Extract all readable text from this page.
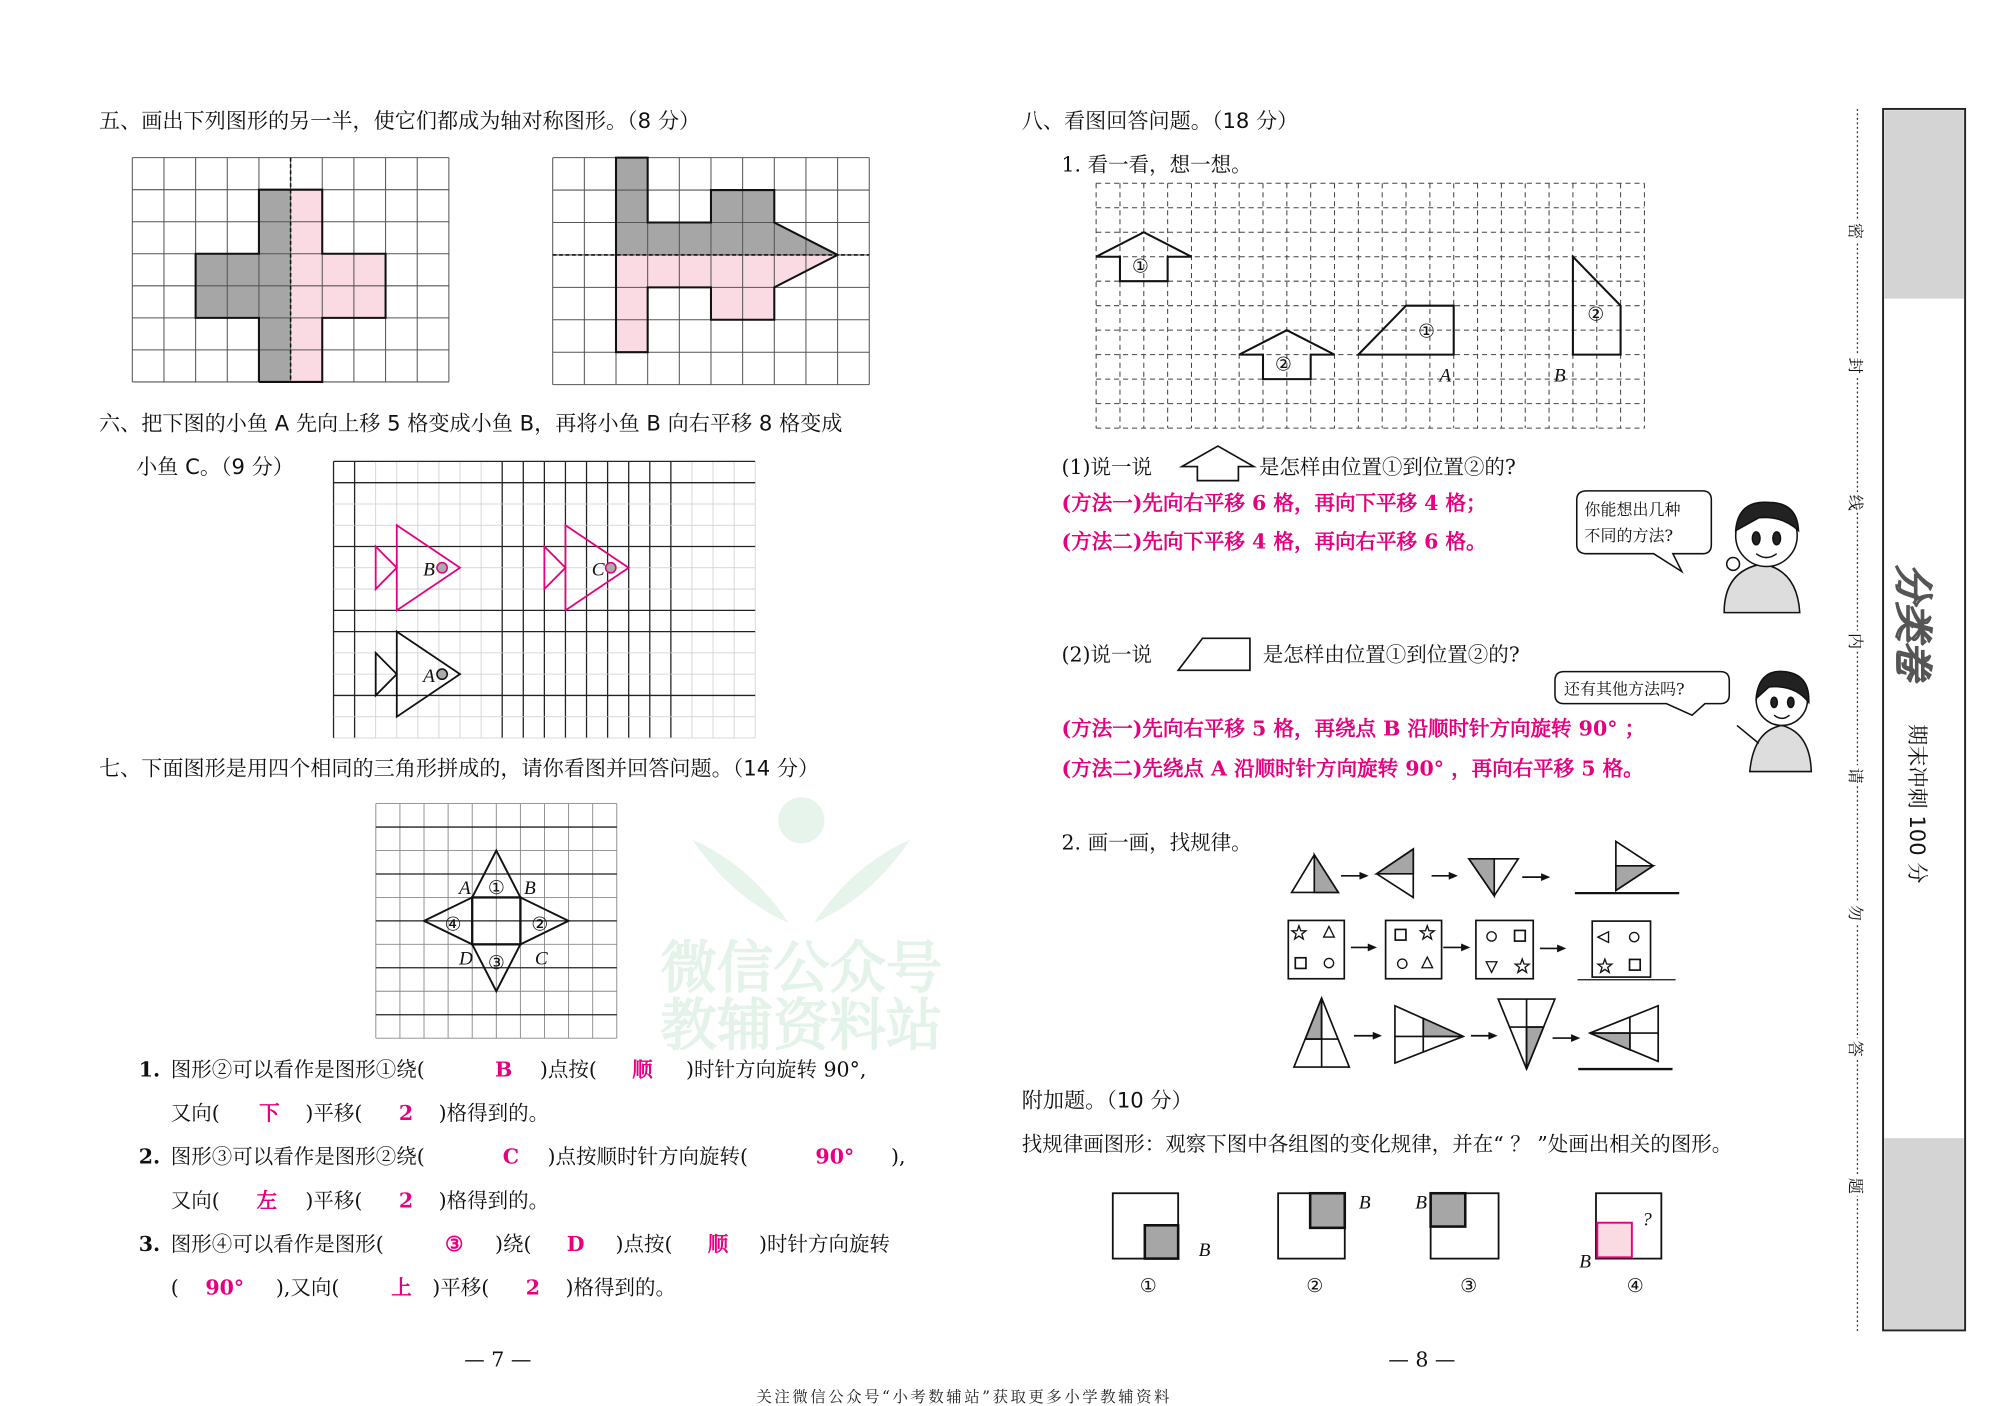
微信公众号
教辅资料站
五、画出下列图形的另一半，使它们都成为轴对称图形。（8 分）
六、把下图的小鱼 A 先向上移 5 格变成小鱼 B，再将小鱼 B 向右平移 8 格变成
小鱼 C。（9 分）
A
B	C
七、下面图形是用四个相同的三角形拼成的，请你看图并回答问题。（14 分）
A	B
D	C
①
②
③
④
1. 图形②可以看作是图形①绕(	B )点按( 顺 )时针方向旋转 90°,
又向( 下 )平移( 2 )格得到的。
2. 图形③可以看作是图形②绕(	C )点按顺时针方向旋转(	90° ),
又向( 左 )平移( 2 )格得到的。
3. 图形④可以看作是图形(	③ )绕( D )点按( 顺 )时针方向旋转
( 90° ),又向(	上 )平移( 2 )格得到的。
— 7 —
八、看图回答问题。（18 分）
1. 看一看，想一想。
①
②
①
②
A	B
(1)说一说	是怎样由位置①到位置②的?
(方法一)先向右平移 6 格，再向下平移 4 格；
(方法二)先向下平移 4 格，再向右平移 6 格。
你能想出几种
不同的方法?
(2)说一说	是怎样由位置①到位置②的?
还有其他方法吗?
(方法一)先向右平移 5 格，再绕点 B 沿顺时针方向旋转 90° ；
(方法二)先绕点 A 沿顺时针方向旋转 90° ，再向右平移 5 格。
2. 画一画，找规律。
附加题。（10 分）
找规律画图形：观察下图中各组图的变化规律，并在“ ？ ”处画出相关的图形。
B
B	B
B
?
①	②	③	④
— 8 —
关注微信公众号“小考数辅站”获取更多小学教辅资料
密
封
线
内
请
勿
答
题
分类卷
期末冲刺 100 分
